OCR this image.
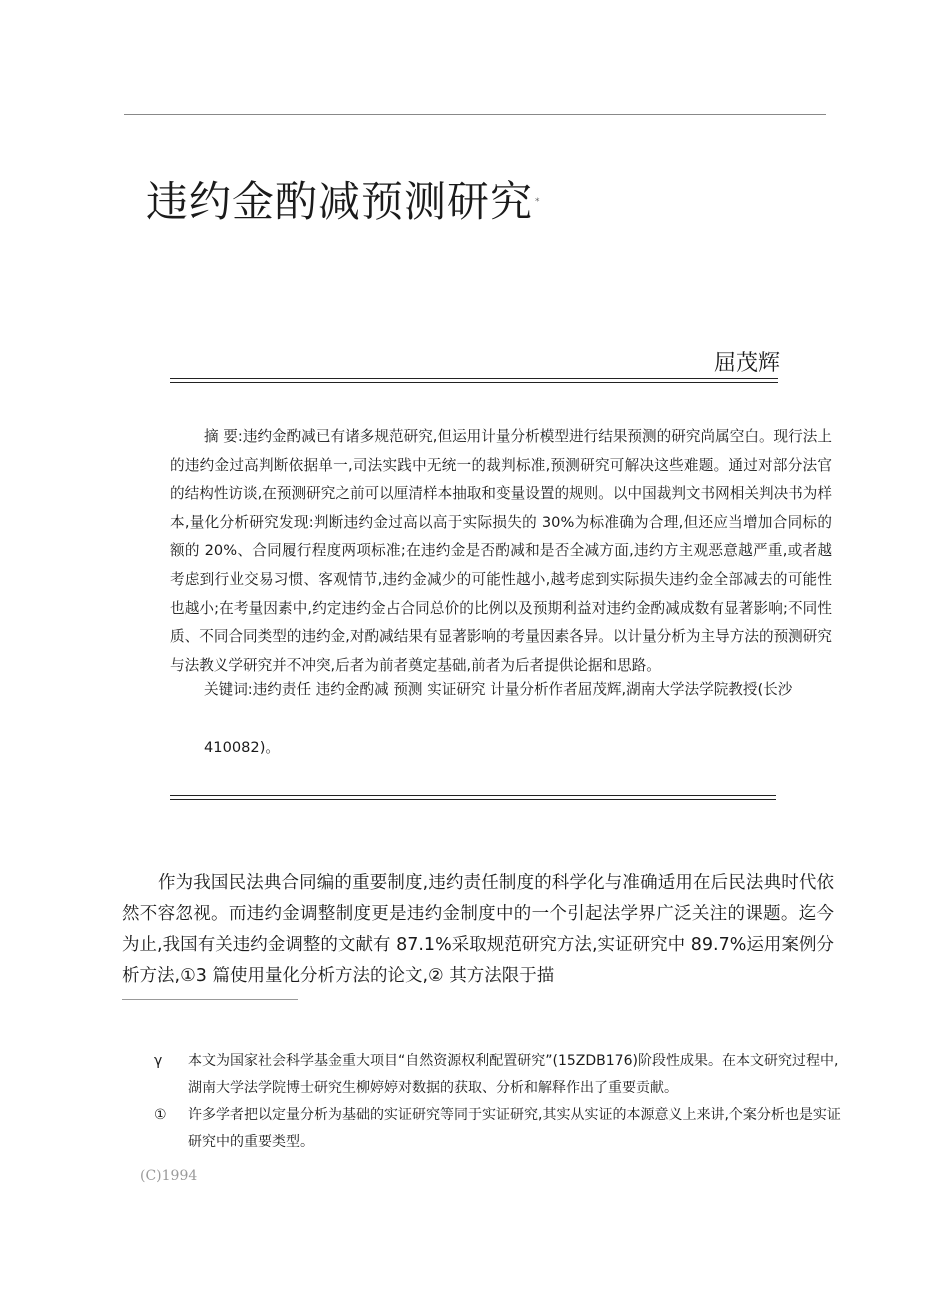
违约金酌减预测研究 *
屈茂辉
摘 要:违约金酌减已有诸多规范研究,但运用计量分析模型进行结果预测的研究尚属空白。现行法上的违约金过高判断依据单一,司法实践中无统一的裁判标准,预测研究可解决这些难题。通过对部分法官的结构性访谈,在预测研究之前可以厘清样本抽取和变量设置的规则。以中国裁判文书网相关判决书为样本,量化分析研究发现:判断违约金过高以高于实际损失的 30%为标准确为合理,但还应当增加合同标的额的 20%、合同履行程度两项标准;在违约金是否酌减和是否全减方面,违约方主观恶意越严重,或者越考虑到行业交易习惯、客观情节,违约金减少的可能性越小,越考虑到实际损失违约金全部减去的可能性也越小;在考量因素中,约定违约金占合同总价的比例以及预期利益对违约金酌减成数有显著影响;不同性质、不同合同类型的违约金,对酌减结果有显著影响的考量因素各异。以计量分析为主导方法的预测研究与法教义学研究并不冲突,后者为前者奠定基础,前者为后者提供论据和思路。
关键词:违约责任 违约金酌减 预测 实证研究 计量分析作者屈茂辉,湖南大学法学院教授(长沙
410082)。
作为我国民法典合同编的重要制度,违约责任制度的科学化与准确适用在后民法典时代依然不容忽视。而违约金调整制度更是违约金制度中的一个引起法学界广泛关注的课题。迄今为止,我国有关违约金调整的文献有 87.1%采取规范研究方法,实证研究中 89.7%运用案例分析方法,①3 篇使用量化分析方法的论文,② 其方法限于描
γ	本文为国家社会科学基金重大项目“自然资源权利配置研究”(15ZDB176)阶段性成果。在本文研究过程中,湖南大学法学院博士研究生柳婷婷对数据的获取、分析和解释作出了重要贡献。
①	许多学者把以定量分析为基础的实证研究等同于实证研究,其实从实证的本源意义上来讲,个案分析也是实证研究中的重要类型。
(C)1994
